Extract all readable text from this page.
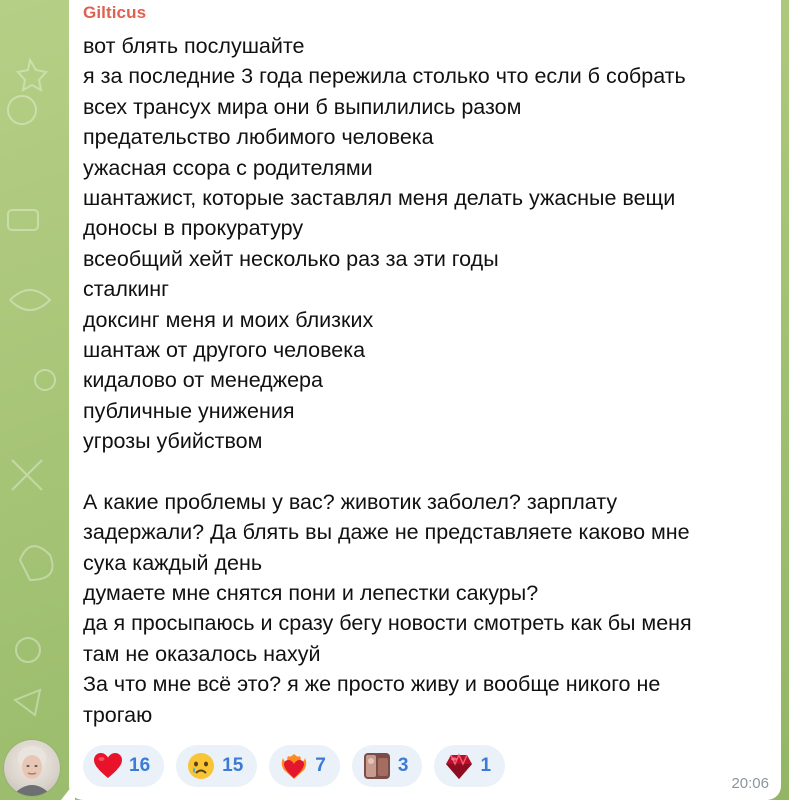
Gilticus
вот блять послушайте
я за последние 3 года пережила столько что если б собрать
всех трансух мира они б выпилились разом
предательство любимого человека
ужасная ссора с родителями
шантажист, которые заставлял меня делать ужасные вещи
доносы в прокуратуру
всеобщий хейт несколько раз за эти годы
сталкинг
доксинг меня и моих близких
шантаж от другого человека
кидалово от менеджера
публичные унижения
угрозы убийством
А какие проблемы у вас? животик заболел? зарплату
задержали? Да блять вы даже не представляете каково мне
сука каждый день
думаете мне снятся пони и лепестки сакуры?
да я просыпаюсь и сразу бегу новости смотреть как бы меня
там не оказалось нахуй
За что мне всё это? я же просто живу и вообще никого не
трогаю
16	15	7	3	1
20:06
